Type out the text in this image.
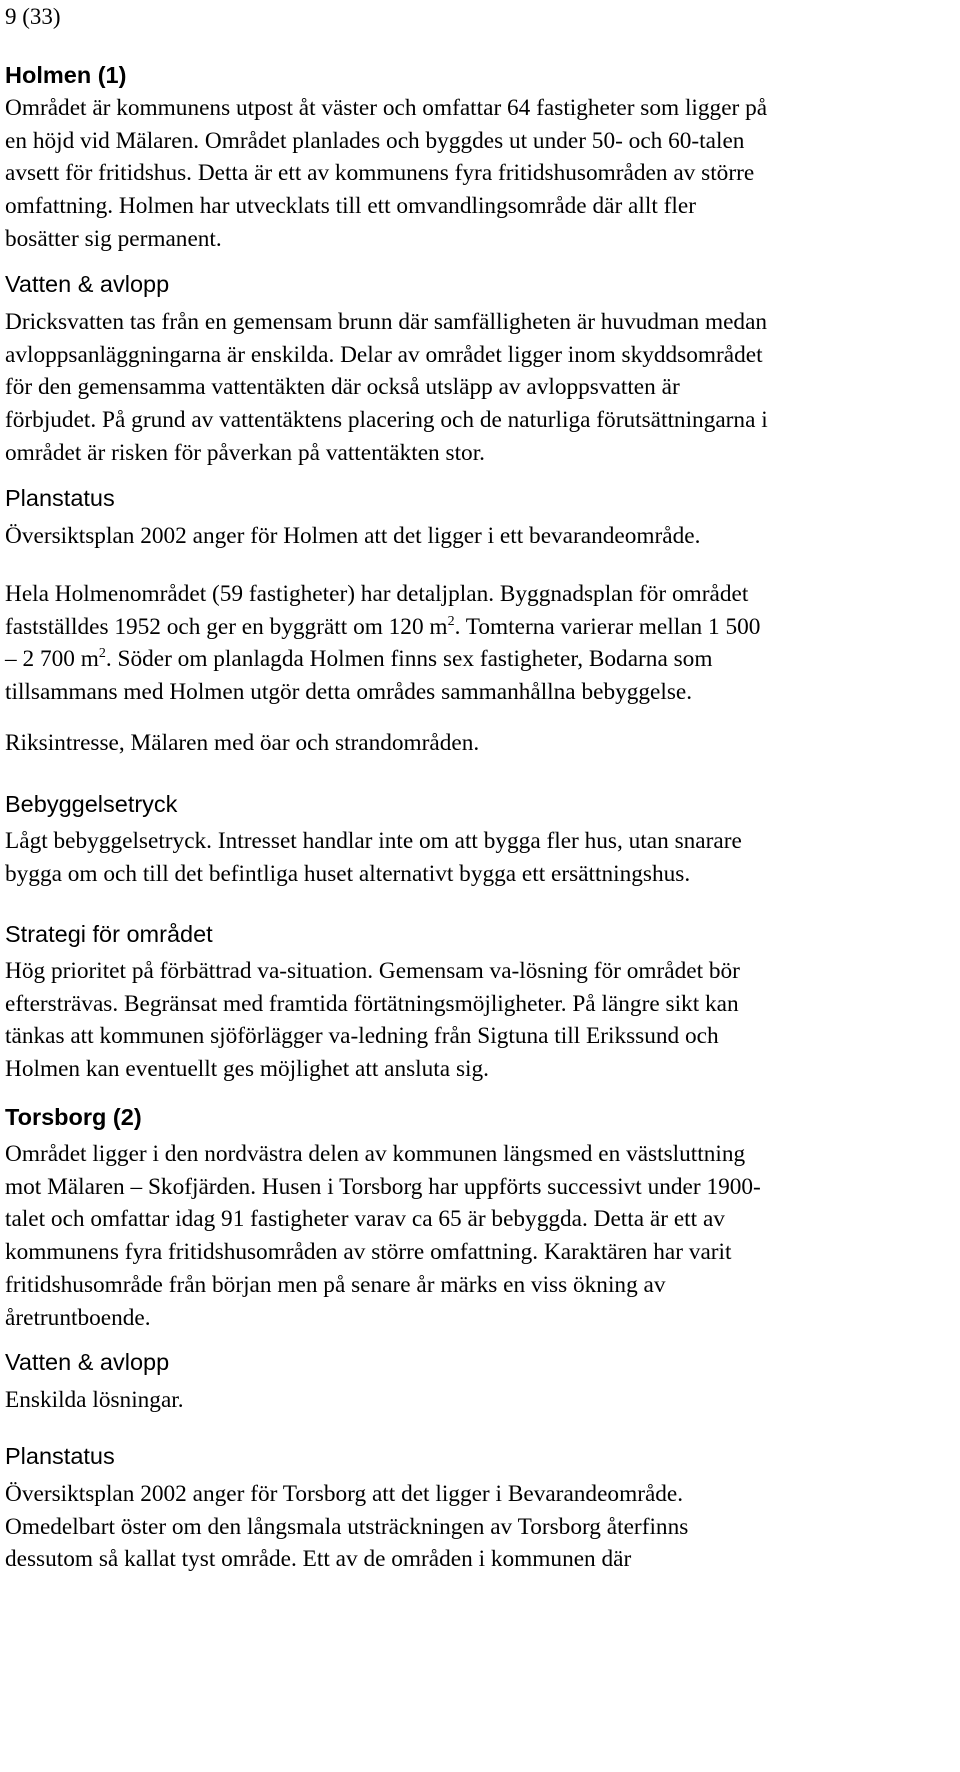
9 (33)
Holmen (1)
Området är kommunens utpost åt väster och omfattar 64 fastigheter som ligger på
en höjd vid Mälaren. Området planlades och byggdes ut under 50- och 60-talen
avsett för fritidshus. Detta är ett av kommunens fyra fritidshusområden av större
omfattning. Holmen har utvecklats till ett omvandlingsområde där allt fler
bosätter sig permanent.
Vatten & avlopp
Dricksvatten tas från en gemensam brunn där samfälligheten är huvudman medan
avloppsanläggningarna är enskilda. Delar av området ligger inom skyddsområdet
för den gemensamma vattentäkten där också utsläpp av avloppsvatten är
förbjudet. På grund av vattentäktens placering och de naturliga förutsättningarna i
området är risken för påverkan på vattentäkten stor.
Planstatus
Översiktsplan 2002 anger för Holmen att det ligger i ett bevarandeområde.
Hela Holmenområdet (59 fastigheter) har detaljplan. Byggnadsplan för området
fastställdes 1952 och ger en byggrätt om 120 $m^2$. Tomterna varierar mellan 1 500
– 2 700 $m^2$. Söder om planlagda Holmen finns sex fastigheter, Bodarna som
tillsammans med Holmen utgör detta områdes sammanhållna bebyggelse.
Riksintresse, Mälaren med öar och strandområden.
Bebyggelsetryck
Lågt bebyggelsetryck. Intresset handlar inte om att bygga fler hus, utan snarare
bygga om och till det befintliga huset alternativt bygga ett ersättningshus.
Strategi för området
Hög prioritet på förbättrad va-situation. Gemensam va-lösning för området bör
eftersträvas. Begränsat med framtida förtätningsmöjligheter. På längre sikt kan
tänkas att kommunen sjöförlägger va-ledning från Sigtuna till Erikssund och
Holmen kan eventuellt ges möjlighet att ansluta sig.
Torsborg (2)
Området ligger i den nordvästra delen av kommunen längsmed en västsluttning
mot Mälaren – Skofjärden. Husen i Torsborg har uppförts successivt under 1900-
talet och omfattar idag 91 fastigheter varav ca 65 är bebyggda. Detta är ett av
kommunens fyra fritidshusområden av större omfattning. Karaktären har varit
fritidshusområde från början men på senare år märks en viss ökning av
åretruntboende.
Vatten & avlopp
Enskilda lösningar.
Planstatus
Översiktsplan 2002 anger för Torsborg att det ligger i Bevarandeområde.
Omedelbart öster om den långsmala utsträckningen av Torsborg återfinns
dessutom så kallat tyst område. Ett av de områden i kommunen där
